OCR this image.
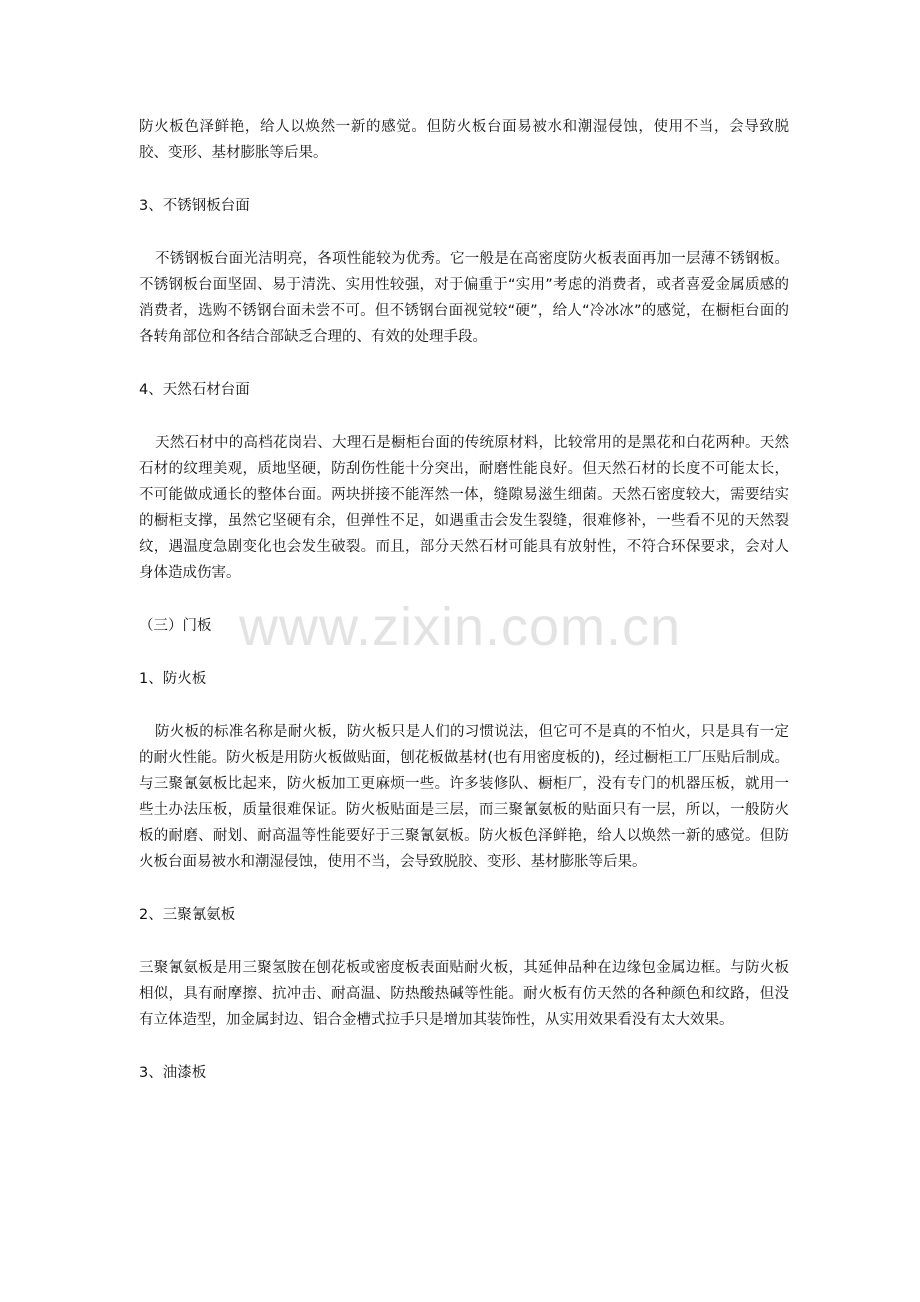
防火板色泽鲜艳，给人以焕然一新的感觉。但防火板台面易被水和潮湿侵蚀，使用不当，会导致脱胶、变形、基材膨胀等后果。

3、不锈钢板台面

不锈钢板台面光洁明亮，各项性能较为优秀。它一般是在高密度防火板表面再加一层薄不锈钢板。不锈钢板台面坚固、易于清洗、实用性较强，对于偏重于“实用”考虑的消费者，或者喜爱金属质感的消费者，选购不锈钢台面未尝不可。但不锈钢台面视觉较“硬”，给人“冷冰冰”的感觉，在橱柜台面的各转角部位和各结合部缺乏合理的、有效的处理手段。

4、天然石材台面

天然石材中的高档花岗岩、大理石是橱柜台面的传统原材料，比较常用的是黑花和白花两种。天然石材的纹理美观，质地坚硬，防刮伤性能十分突出，耐磨性能良好。但天然石材的长度不可能太长，不可能做成通长的整体台面。两块拼接不能浑然一体，缝隙易滋生细菌。天然石密度较大，需要结实的橱柜支撑，虽然它坚硬有余，但弹性不足，如遇重击会发生裂缝，很难修补，一些看不见的天然裂纹，遇温度急剧变化也会发生破裂。而且，部分天然石材可能具有放射性，不符合环保要求，会对人身体造成伤害。

（三）门板

1、防火板

防火板的标准名称是耐火板，防火板只是人们的习惯说法，但它可不是真的不怕火，只是具有一定的耐火性能。防火板是用防火板做贴面，刨花板做基材(也有用密度板的)，经过橱柜工厂压贴后制成。与三聚氰氨板比起来，防火板加工更麻烦一些。许多装修队、橱柜厂，没有专门的机器压板，就用一些土办法压板，质量很难保证。防火板贴面是三层，而三聚氰氨板的贴面只有一层，所以，一般防火板的耐磨、耐划、耐高温等性能要好于三聚氰氨板。防火板色泽鲜艳，给人以焕然一新的感觉。但防火板台面易被水和潮湿侵蚀，使用不当，会导致脱胶、变形、基材膨胀等后果。

2、三聚氰氨板

三聚氰氨板是用三聚氢胺在刨花板或密度板表面贴耐火板，其延伸品种在边缘包金属边框。与防火板相似，具有耐摩擦、抗冲击、耐高温、防热酸热碱等性能。耐火板有仿天然的各种颜色和纹路，但没有立体造型，加金属封边、铝合金槽式拉手只是增加其装饰性，从实用效果看没有太大效果。

3、油漆板

www.zixin.com.cn
